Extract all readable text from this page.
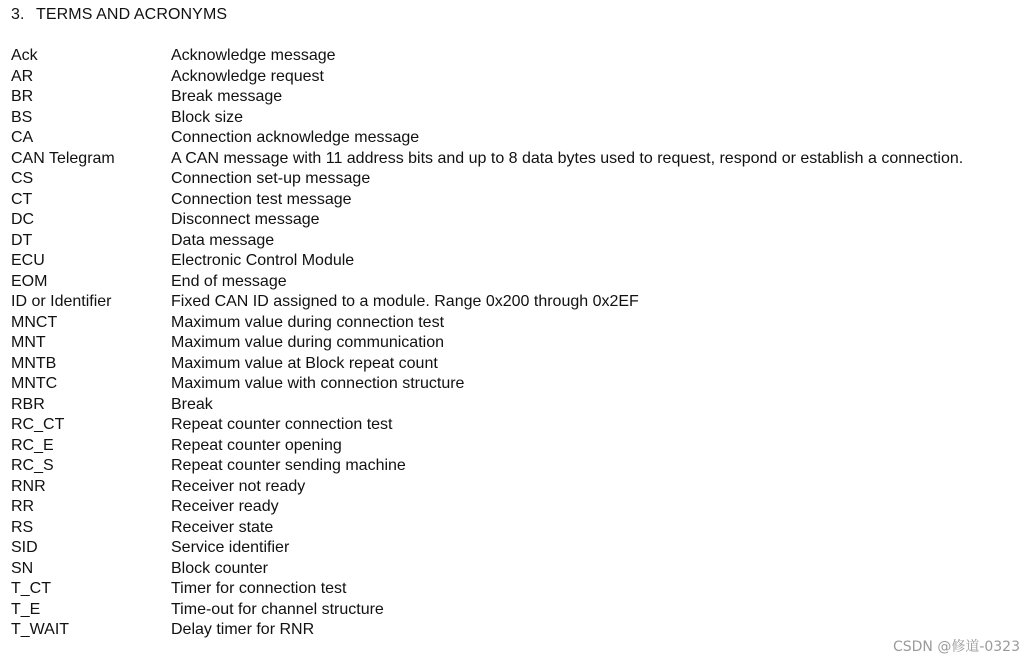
3. TERMS AND ACRONYMS
Ack	Acknowledge message
AR	Acknowledge request
BR	Break message
BS	Block size
CA	Connection acknowledge message
CAN Telegram	A CAN message with 11 address bits and up to 8 data bytes used to request, respond or establish a connection.
CS	Connection set-up message
CT	Connection test message
DC	Disconnect message
DT	Data message
ECU	Electronic Control Module
EOM	End of message
ID or Identifier	Fixed CAN ID assigned to a module. Range 0x200 through 0x2EF
MNCT	Maximum value during connection test
MNT	Maximum value during communication
MNTB	Maximum value at Block repeat count
MNTC	Maximum value with connection structure
RBR	Break
RC_CT	Repeat counter connection test
RC_E	Repeat counter opening
RC_S	Repeat counter sending machine
RNR	Receiver not ready
RR	Receiver ready
RS	Receiver state
SID	Service identifier
SN	Block counter
T_CT	Timer for connection test
T_E	Time-out for channel structure
T_WAIT	Delay timer for RNR
CSDN @修道-0323
